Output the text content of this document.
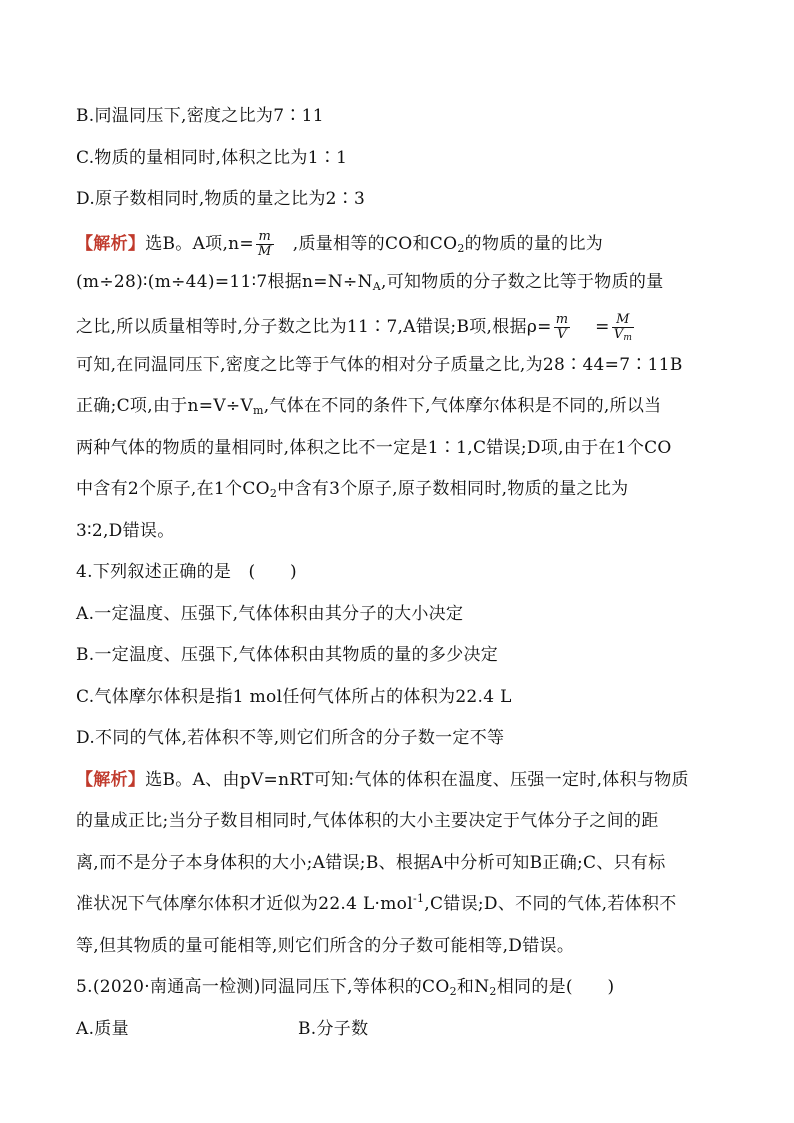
B.同温同压下,密度之比为7∶11
C.物质的量相同时,体积之比为1∶1
D.原子数相同时,物质的量之比为2∶3
【解析】选B。A项$,n= \frac{m}{M}$ ,质量相等的CO和$CO_2$的物质的量的比为
(m÷28)∶(m÷44)=11∶7根据$n=N\div N_A$,可知物质的分子数之比等于物质的量
之比,所以质量相等时,分子数之比为11∶7,A错误;B项,根据$\rho= \frac{m}{V} = \frac{M}{V_m}$
可知,在同温同压下,密度之比等于气体的相对分子质量之比,为28∶44=7∶11B
正确;C项,由于$n=V\div V_m$,气体在不同的条件下,气体摩尔体积是不同的,所以当
两种气体的物质的量相同时,体积之比不一定是1∶1,C错误;D项,由于在1个CO
中含有2个原子,在1个$CO_2$中含有3个原子,原子数相同时,物质的量之比为
3∶2,D错误。
4.下列叙述正确的是　(　　)
A.一定温度、压强下,气体体积由其分子的大小决定
B.一定温度、压强下,气体体积由其物质的量的多少决定
C.气体摩尔体积是指1 mol任何气体所占的体积为22.4 L
D.不同的气体,若体积不等,则它们所含的分子数一定不等
【解析】选B。A、由pV=nRT可知:气体的体积在温度、压强一定时,体积与物质
的量成正比;当分子数目相同时,气体体积的大小主要决定于气体分子之间的距
离,而不是分子本身体积的大小;A错误;B、根据A中分析可知B正确;C、只有标
准状况下气体摩尔体积才近似为22.4 L·mol$^{-1}$,C错误;D、不同的气体,若体积不
等,但其物质的量可能相等,则它们所含的分子数可能相等,D错误。
5.(2020·南通高一检测)同温同压下,等体积的$CO_2$和$N_2$相同的是(　　)
A.质量	B.分子数
